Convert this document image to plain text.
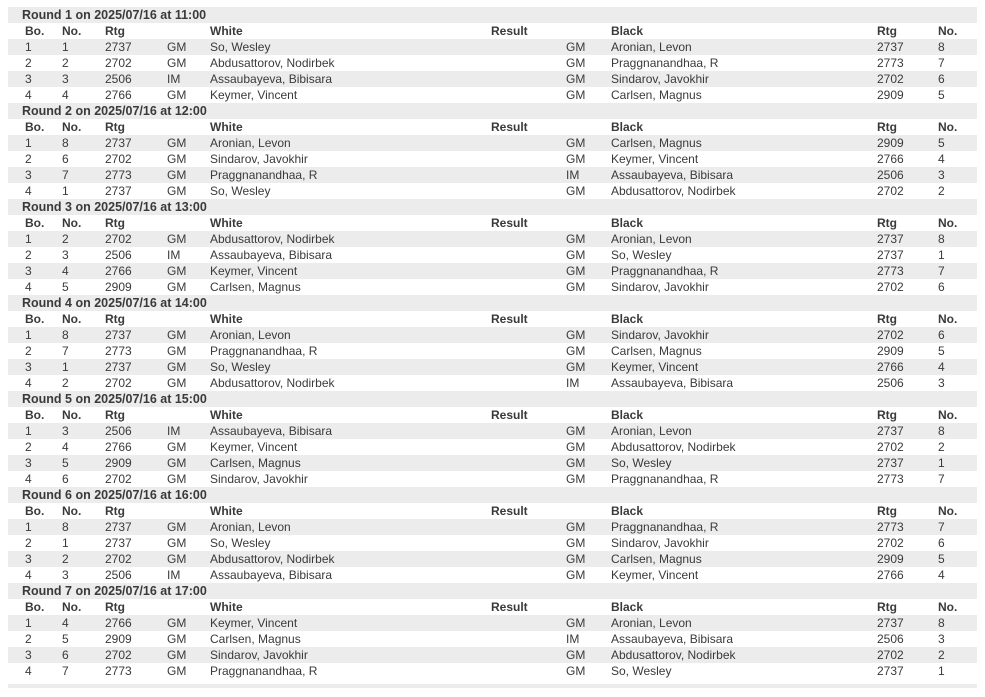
Round 1 on 2025/07/16 at 11:00
Bo.	No.	Rtg		White	Result		Black	Rtg	No.
1	1	2737	GM	So, Wesley		GM	Aronian, Levon	2737	8
2	2	2702	GM	Abdusattorov, Nodirbek		GM	Praggnanandhaa, R	2773	7
3	3	2506	IM	Assaubayeva, Bibisara		GM	Sindarov, Javokhir	2702	6
4	4	2766	GM	Keymer, Vincent		GM	Carlsen, Magnus	2909	5
Round 2 on 2025/07/16 at 12:00
Bo.	No.	Rtg		White	Result		Black	Rtg	No.
1	8	2737	GM	Aronian, Levon		GM	Carlsen, Magnus	2909	5
2	6	2702	GM	Sindarov, Javokhir		GM	Keymer, Vincent	2766	4
3	7	2773	GM	Praggnanandhaa, R		IM	Assaubayeva, Bibisara	2506	3
4	1	2737	GM	So, Wesley		GM	Abdusattorov, Nodirbek	2702	2
Round 3 on 2025/07/16 at 13:00
Bo.	No.	Rtg		White	Result		Black	Rtg	No.
1	2	2702	GM	Abdusattorov, Nodirbek		GM	Aronian, Levon	2737	8
2	3	2506	IM	Assaubayeva, Bibisara		GM	So, Wesley	2737	1
3	4	2766	GM	Keymer, Vincent		GM	Praggnanandhaa, R	2773	7
4	5	2909	GM	Carlsen, Magnus		GM	Sindarov, Javokhir	2702	6
Round 4 on 2025/07/16 at 14:00
Bo.	No.	Rtg		White	Result		Black	Rtg	No.
1	8	2737	GM	Aronian, Levon		GM	Sindarov, Javokhir	2702	6
2	7	2773	GM	Praggnanandhaa, R		GM	Carlsen, Magnus	2909	5
3	1	2737	GM	So, Wesley		GM	Keymer, Vincent	2766	4
4	2	2702	GM	Abdusattorov, Nodirbek		IM	Assaubayeva, Bibisara	2506	3
Round 5 on 2025/07/16 at 15:00
Bo.	No.	Rtg		White	Result		Black	Rtg	No.
1	3	2506	IM	Assaubayeva, Bibisara		GM	Aronian, Levon	2737	8
2	4	2766	GM	Keymer, Vincent		GM	Abdusattorov, Nodirbek	2702	2
3	5	2909	GM	Carlsen, Magnus		GM	So, Wesley	2737	1
4	6	2702	GM	Sindarov, Javokhir		GM	Praggnanandhaa, R	2773	7
Round 6 on 2025/07/16 at 16:00
Bo.	No.	Rtg		White	Result		Black	Rtg	No.
1	8	2737	GM	Aronian, Levon		GM	Praggnanandhaa, R	2773	7
2	1	2737	GM	So, Wesley		GM	Sindarov, Javokhir	2702	6
3	2	2702	GM	Abdusattorov, Nodirbek		GM	Carlsen, Magnus	2909	5
4	3	2506	IM	Assaubayeva, Bibisara		GM	Keymer, Vincent	2766	4
Round 7 on 2025/07/16 at 17:00
Bo.	No.	Rtg		White	Result		Black	Rtg	No.
1	4	2766	GM	Keymer, Vincent		GM	Aronian, Levon	2737	8
2	5	2909	GM	Carlsen, Magnus		IM	Assaubayeva, Bibisara	2506	3
3	6	2702	GM	Sindarov, Javokhir		GM	Abdusattorov, Nodirbek	2702	2
4	7	2773	GM	Praggnanandhaa, R		GM	So, Wesley	2737	1
